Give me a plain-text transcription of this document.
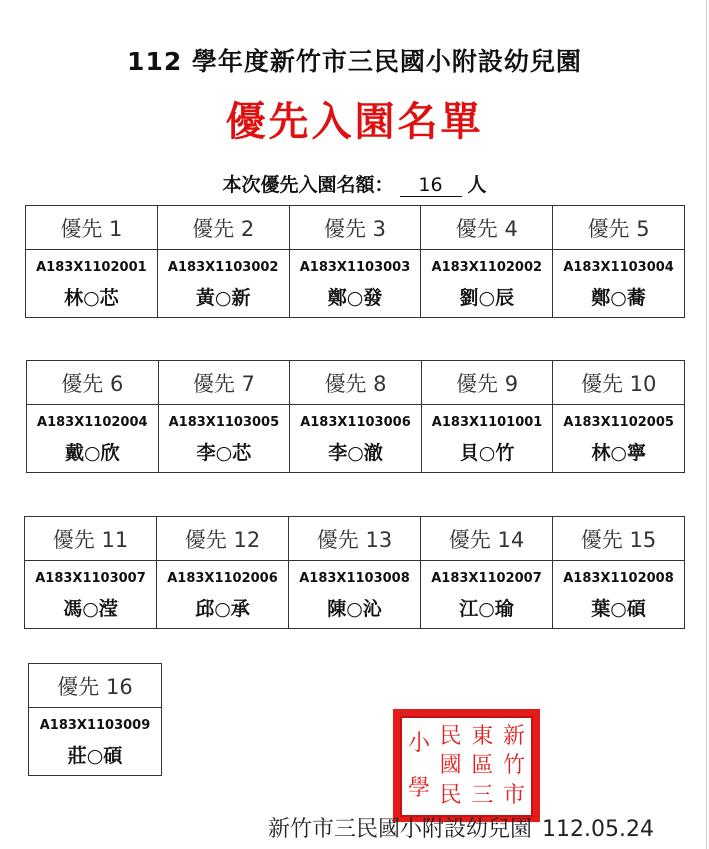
112 學年度新竹市三民國小附設幼兒園
優先入園名單
本次優先入園名額： 16 人
優先 1	優先 2	優先 3	優先 4	優先 5
A183X1102001	A183X1103002	A183X1103003	A183X1102002	A183X1103004
林○芯	黃○新	鄭○發	劉○辰	鄭○蕎
優先 6	優先 7	優先 8	優先 9	優先 10
A183X1102004	A183X1103005	A183X1103006	A183X1101001	A183X1102005
戴○欣	李○芯	李○澈	貝○竹	林○寧
優先 11	優先 12	優先 13	優先 14	優先 15
A183X1103007	A183X1102006	A183X1103008	A183X1102007	A183X1102008
馮○滢	邱○承	陳○沁	江○瑜	葉○碩
優先 16
A183X1103009
莊○碩
新
竹
市
東
區
三
民
國
民
小
學
新竹市三民國小附設幼兒園 112.05.24
